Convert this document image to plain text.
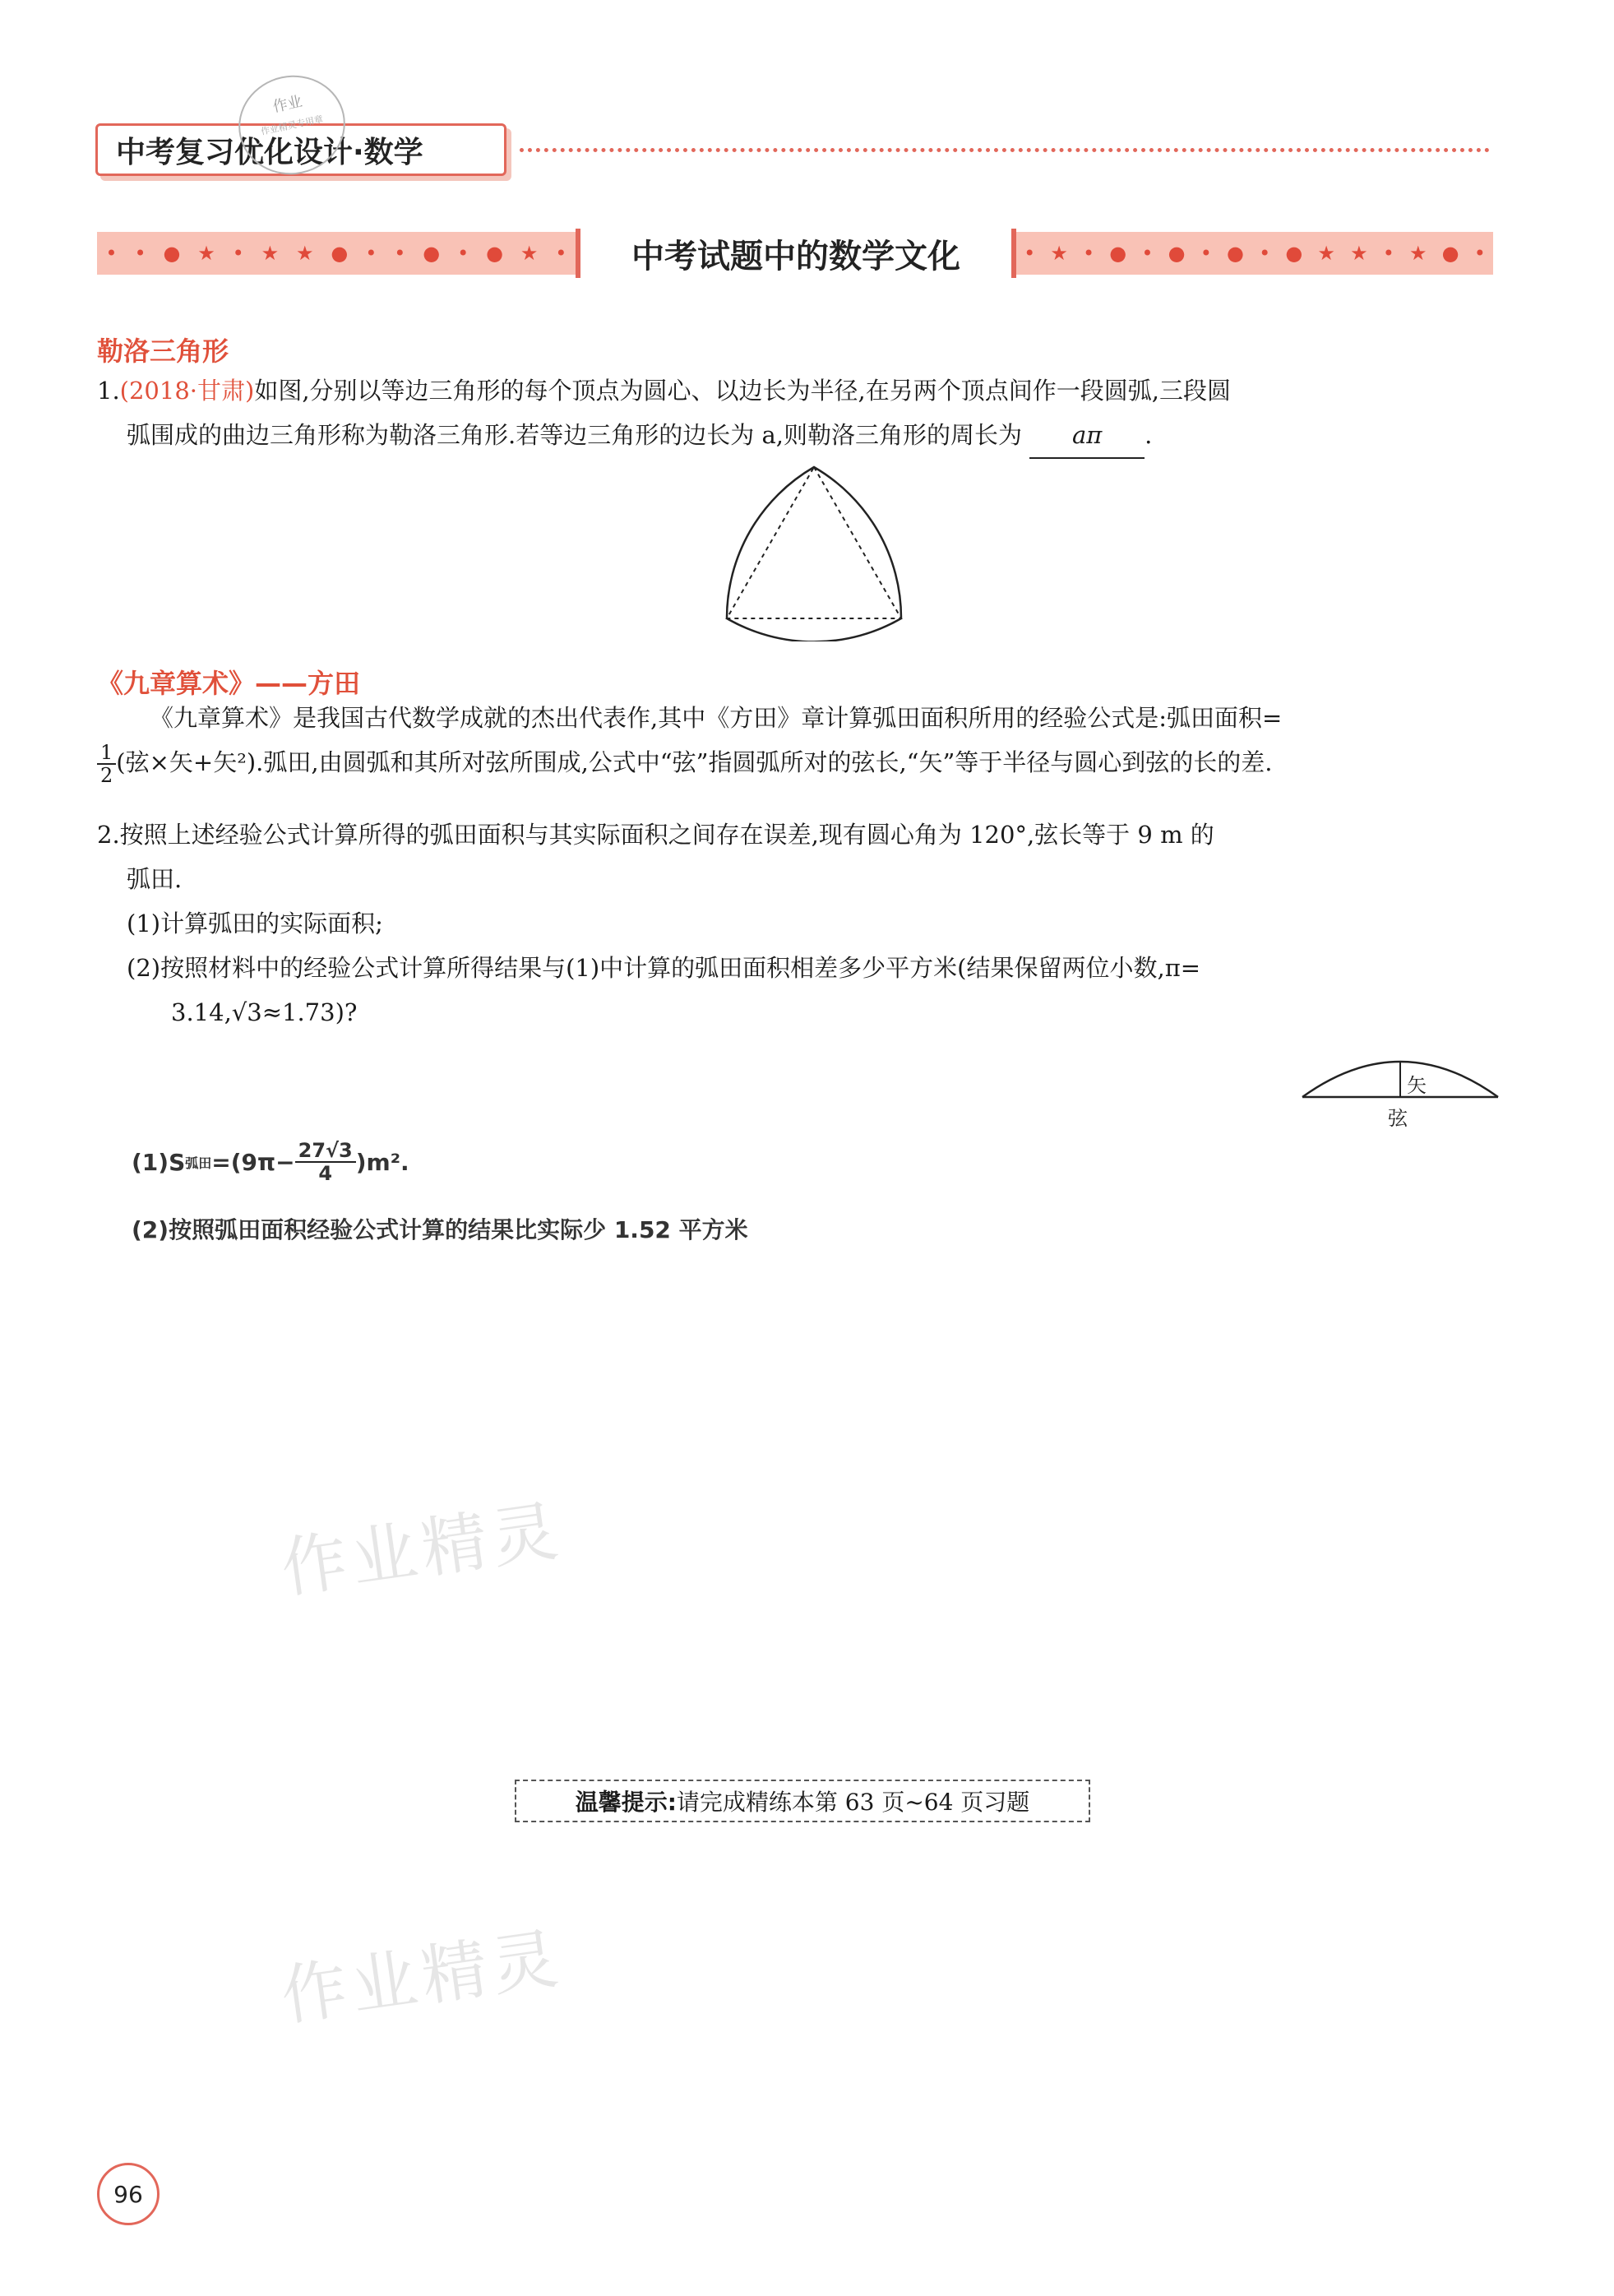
中考复习优化设计·数学
作业
作业精灵专用章
• • ● ★ • ★ ★ ● • • ● • ● ★ •	中考试题中的数学文化	• ★ • ● • ● • ● • ● ★ ★ • ★ ● •
勒洛三角形
1.(2018·甘肃)如图,分别以等边三角形的每个顶点为圆心、以边长为半径,在另两个顶点间作一段圆弧,三段圆
弧围成的曲边三角形称为勒洛三角形.若等边三角形的边长为 a,则勒洛三角形的周长为 aπ .
《九章算术》——方田
《九章算术》是我国古代数学成就的杰出代表作,其中《方田》章计算弧田面积所用的经验公式是:弧田面积=
$\frac{1}{2}$ (弦×矢+矢²).弧田,由圆弧和其所对弦所围成,公式中“弦”指圆弧所对的弦长,“矢”等于半径与圆心到弦的长的差.
2.按照上述经验公式计算所得的弧田面积与其实际面积之间存在误差,现有圆心角为 120°,弦长等于 9 m 的
弧田.
(1)计算弧田的实际面积;
(2)按照材料中的经验公式计算所得结果与(1)中计算的弧田面积相差多少平方米(结果保留两位小数,π=
3.14,√3≈1.73)?
矢
弦
(1)S 弧田 $=(9\pi- \frac{27√3}{4} )m^2$.
(2)按照弧田面积经验公式计算的结果比实际少 1.52 平方米
作业精灵
作业精灵
温馨提示: 请完成精练本第 63 页~64 页习题
96
